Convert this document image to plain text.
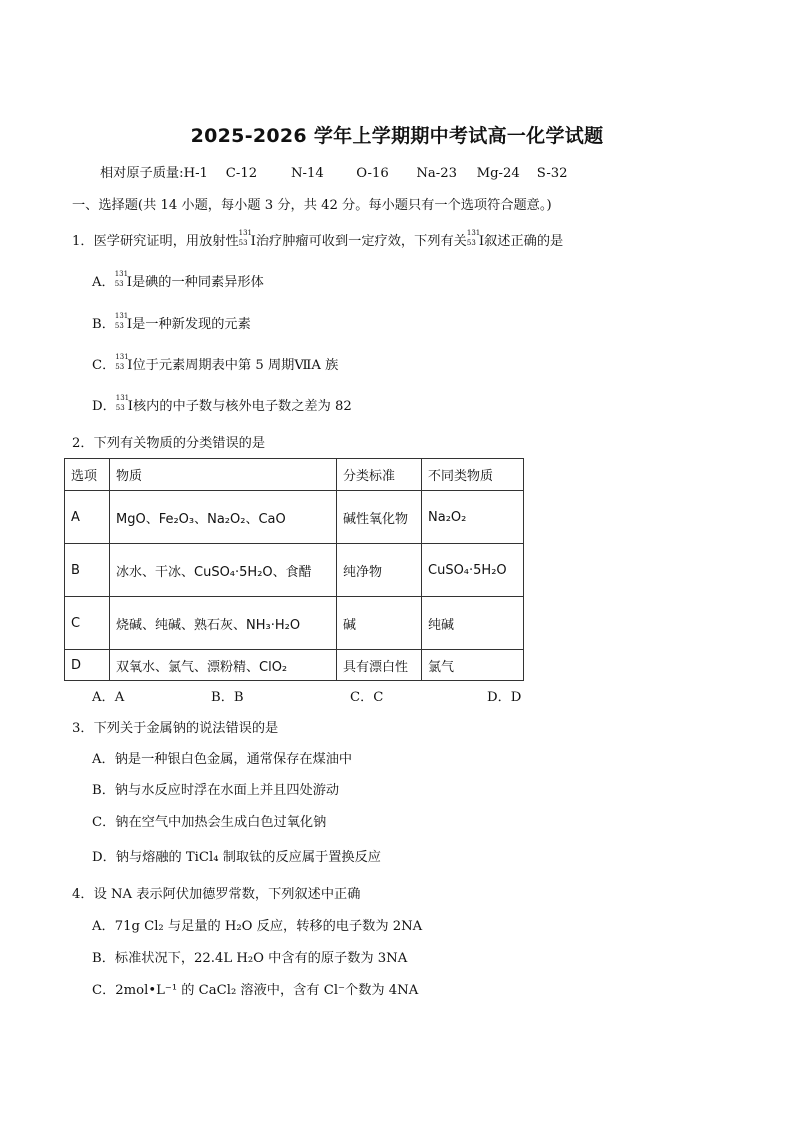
2025-2026 学年上学期期中考试高一化学试题
相对原子质量:H-1 C-12	N-14 O-16 Na-23 Mg-24 S-32
一、选择题(共 14 小题，每小题 3 分，共 42 分。每小题只有一个选项符合题意。)
1．医学研究证明，用放射性
131
53 I治疗肿瘤可收到一定疗效，下列有关
131
53 I叙述正确的是
A．
131
53 I是碘的一种同素异形体
B．
131
53 I是一种新发现的元素
C．
131
53 I位于元素周期表中第 5 周期ⅦA 族
D．
131
53 I核内的中子数与核外电子数之差为 82
2．下列有关物质的分类错误的是
选项	物质	分类标准	不同类物质
A	MgO、Fe₂O₃、Na₂O₂、CaO	碱性氧化物	Na₂O₂
B	冰水、干冰、CuSO₄·5H₂O、食醋	纯净物	CuSO₄·5H₂O
C	烧碱、纯碱、熟石灰、NH₃·H₂O	碱	纯碱
D	双氧水、氯气、漂粉精、ClO₂	具有漂白性	氯气
A．A	B．B	C．C	D．D
3．下列关于金属钠的说法错误的是
A．钠是一种银白色金属，通常保存在煤油中
B．钠与水反应时浮在水面上并且四处游动
C．钠在空气中加热会生成白色过氧化钠
D．钠与熔融的 TiCl₄ 制取钛的反应属于置换反应
4．设 NA 表示阿伏加德罗常数，下列叙述中正确
A．71g Cl₂ 与足量的 H₂O 反应，转移的电子数为 2NA
B．标准状况下，22.4L H₂O 中含有的原子数为 3NA
C．2mol•L⁻¹ 的 CaCl₂ 溶液中，含有 Cl⁻个数为 4NA
